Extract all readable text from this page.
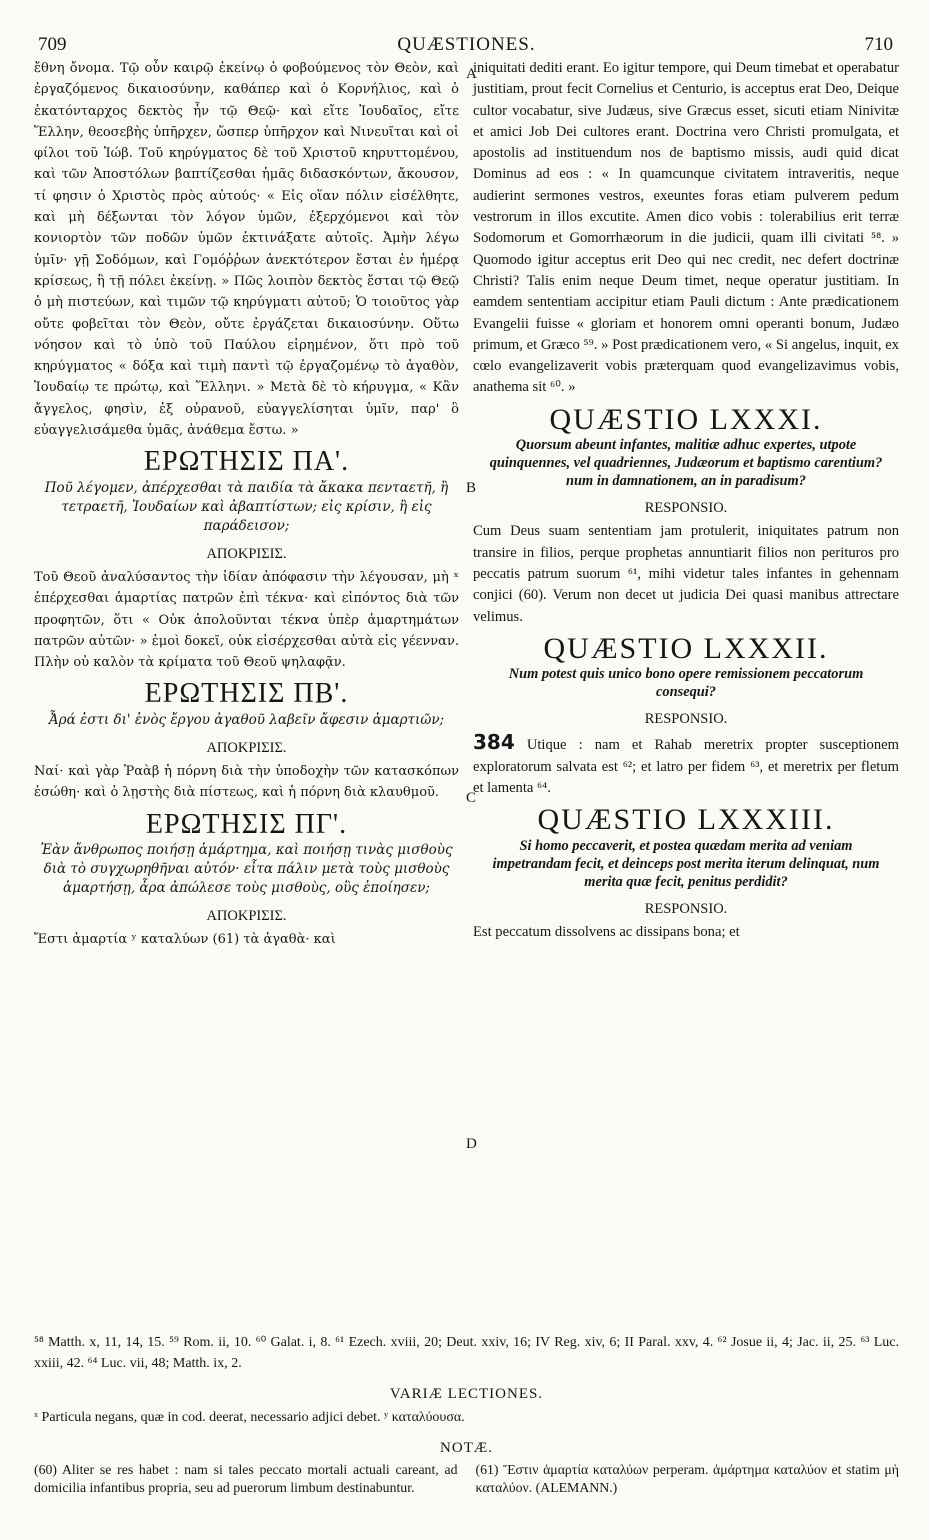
709	QUÆSTIONES.	710
A
B
C
D

ἔθνη ὄνομα. Τῷ οὖν καιρῷ ἐκείνῳ ὁ φοβούμενος τὸν Θεὸν, καὶ ἐργαζόμενος δικαιοσύνην, καθάπερ καὶ ὁ Κορνήλιος, καὶ ὁ ἑκατόνταρχος δεκτὸς ἦν τῷ Θεῷ· καὶ εἴτε Ἰουδαῖος, εἴτε Ἕλλην, θεοσεβὴς ὑπῆρχεν, ὥσπερ ὑπῆρχον καὶ Νινευῖται καὶ οἱ φίλοι τοῦ Ἰώβ. Τοῦ κηρύγματος δὲ τοῦ Χριστοῦ κηρυττομένου, καὶ τῶν Ἀποστόλων βαπτίζεσθαι ἡμᾶς διδασκόντων, ἄκουσον, τί φησιν ὁ Χριστὸς πρὸς αὐτούς· « Εἰς οἵαν πόλιν εἰσέλθητε, καὶ μὴ δέξωνται τὸν λόγον ὑμῶν, ἐξερχόμενοι καὶ τὸν κονιορτὸν τῶν ποδῶν ὑμῶν ἐκτινάξατε αὐτοῖς. Ἀμὴν λέγω ὑμῖν· γῇ Σοδόμων, καὶ Γομόῤῥων ἀνεκτότερον ἔσται ἐν ἡμέρᾳ κρίσεως, ἢ τῇ πόλει ἐκείνῃ. » Πῶς λοιπὸν δεκτὸς ἔσται τῷ Θεῷ ὁ μὴ πιστεύων, καὶ τιμῶν τῷ κηρύγματι αὐτοῦ; Ὁ τοιοῦτος γὰρ οὔτε φοβεῖται τὸν Θεὸν, οὔτε ἐργάζεται δικαιοσύνην. Οὕτω νόησον καὶ τὸ ὑπὸ τοῦ Παύλου εἰρημένον, ὅτι πρὸ τοῦ κηρύγματος « δόξα καὶ τιμὴ παντὶ τῷ ἐργαζομένῳ τὸ ἀγαθὸν, Ἰουδαίῳ τε πρώτῳ, καὶ Ἕλληνι. » Μετὰ δὲ τὸ κήρυγμα, « Κἂν ἄγγελος, φησὶν, ἐξ οὐρανοῦ, εὐαγγελίσηται ὑμῖν, παρ' ὃ εὐαγγελισάμεθα ὑμᾶς, ἀνάθεμα ἔστω. »

ΕΡΩΤΗΣΙΣ ΠΑ'.

Ποῦ λέγομεν, ἀπέρχεσθαι τὰ παιδία τὰ ἄκακα πενταετῆ, ἢ τετραετῆ, Ἰουδαίων καὶ ἀβαπτίστων; εἰς κρίσιν, ἢ εἰς παράδεισον;

ΑΠΟΚΡΙΣΙΣ.

Τοῦ Θεοῦ ἀναλύσαντος τὴν ἰδίαν ἀπόφασιν τὴν λέγουσαν, μὴ ˣ ἐπέρχεσθαι ἁμαρτίας πατρῶν ἐπὶ τέκνα· καὶ εἰπόντος διὰ τῶν προφητῶν, ὅτι « Οὐκ ἀπολοῦνται τέκνα ὑπὲρ ἁμαρτημάτων πατρῶν αὐτῶν· » ἐμοὶ δοκεῖ, οὐκ εἰσέρχεσθαι αὐτὰ εἰς γέενναν. Πλὴν οὐ καλὸν τὰ κρίματα τοῦ Θεοῦ ψηλαφᾷν.

ΕΡΩΤΗΣΙΣ ΠΒ'.

Ἆρά ἐστι δι' ἑνὸς ἔργου ἀγαθοῦ λαβεῖν ἄφεσιν ἁμαρτιῶν;

ΑΠΟΚΡΙΣΙΣ.

Ναί· καὶ γὰρ Ῥαὰβ ἡ πόρνη διὰ τὴν ὑποδοχὴν τῶν κατασκόπων ἐσώθη· καὶ ὁ λῃστὴς διὰ πίστεως, καὶ ἡ πόρνη διὰ κλαυθμοῦ.

ΕΡΩΤΗΣΙΣ ΠΓ'.

Ἐὰν ἄνθρωπος ποιήσῃ ἁμάρτημα, καὶ ποιήσῃ τινὰς μισθοὺς διὰ τὸ συγχωρηθῆναι αὐτόν· εἶτα πάλιν μετὰ τοὺς μισθοὺς ἁμαρτήσῃ, ἆρα ἀπώλεσε τοὺς μισθοὺς, οὓς ἐποίησεν;

ΑΠΟΚΡΙΣΙΣ.

Ἔστι ἁμαρτία ʸ καταλύων (61) τὰ ἀγαθὰ· καὶ

iniquitati dediti erant. Eo igitur tempore, qui Deum timebat et operabatur justitiam, prout fecit Cornelius et Centurio, is acceptus erat Deo, Deique cultor vocabatur, sive Judæus, sive Græcus esset, sicuti etiam Ninivitæ et amici Job Dei cultores erant. Doctrina vero Christi promulgata, et apostolis ad instituendum nos de baptismo missis, audi quid dicat Dominus ad eos : « In quamcunque civitatem intraveritis, neque audierint sermones vestros, exeuntes foras etiam pulverem pedum vestrorum in illos excutite. Amen dico vobis : tolerabilius erit terræ Sodomorum et Gomorrhæorum in die judicii, quam illi civitati ⁵⁸. » Quomodo igitur acceptus erit Deo qui nec credit, nec defert doctrinæ Christi? Talis enim neque Deum timet, neque operatur justitiam. In eamdem sententiam accipitur etiam Pauli dictum : Ante prædicationem Evangelii fuisse « gloriam et honorem omni operanti bonum, Judæo primum, et Græco ⁵⁹. » Post prædicationem vero, « Si angelus, inquit, ex cœlo evangelizaverit vobis præterquam quod evangelizavimus vobis, anathema sit ⁶⁰. »

QUÆSTIO LXXXI.

Quorsum abeunt infantes, malitiæ adhuc expertes, utpote quinquennes, vel quadriennes, Judæorum et baptismo carentium? num in damnationem, an in paradisum?

RESPONSIO.

Cum Deus suam sententiam jam protulerit, iniquitates patrum non transire in filios, perque prophetas annuntiarit filios non perituros pro peccatis patrum suorum ⁶¹, mihi videtur tales infantes in gehennam conjici (60). Verum non decet ut judicia Dei quasi manibus attrectare velimus.

QUÆSTIO LXXXII.

Num potest quis unico bono opere remissionem peccatorum consequi?

RESPONSIO.

384 Utique : nam et Rahab meretrix propter susceptionem exploratorum salvata est ⁶²; et latro per fidem ⁶³, et meretrix per fletum et lamenta ⁶⁴.

QUÆSTIO LXXXIII.

Si homo peccaverit, et postea quædam merita ad veniam impetrandam fecit, et deinceps post merita iterum delinquat, num merita quæ fecit, penitus perdidit?

RESPONSIO.

Est peccatum dissolvens ac dissipans bona; et

⁵⁸ Matth. x, 11, 14, 15. ⁵⁹ Rom. ii, 10. ⁶⁰ Galat. i, 8. ⁶¹ Ezech. xviii, 20; Deut. xxiv, 16; IV Reg. xiv, 6; II Paral. xxv, 4. ⁶² Josue ii, 4; Jac. ii, 25. ⁶³ Luc. xxiii, 42. ⁶⁴ Luc. vii, 48; Matth. ix, 2.

VARIÆ LECTIONES.

ˣ Particula negans, quæ in cod. deerat, necessario adjici debet. ʸ καταλύουσα.

NOTÆ.
(60) Aliter se res habet : nam si tales peccato mortali actuali careant, ad domicilia infantibus propria, seu ad puerorum limbum destinabuntur.
(61) Ἔστιν ἁμαρτία καταλύων perperam. ἁμάρτημα καταλύον et statim μὴ καταλύον. (ALEMANN.)
